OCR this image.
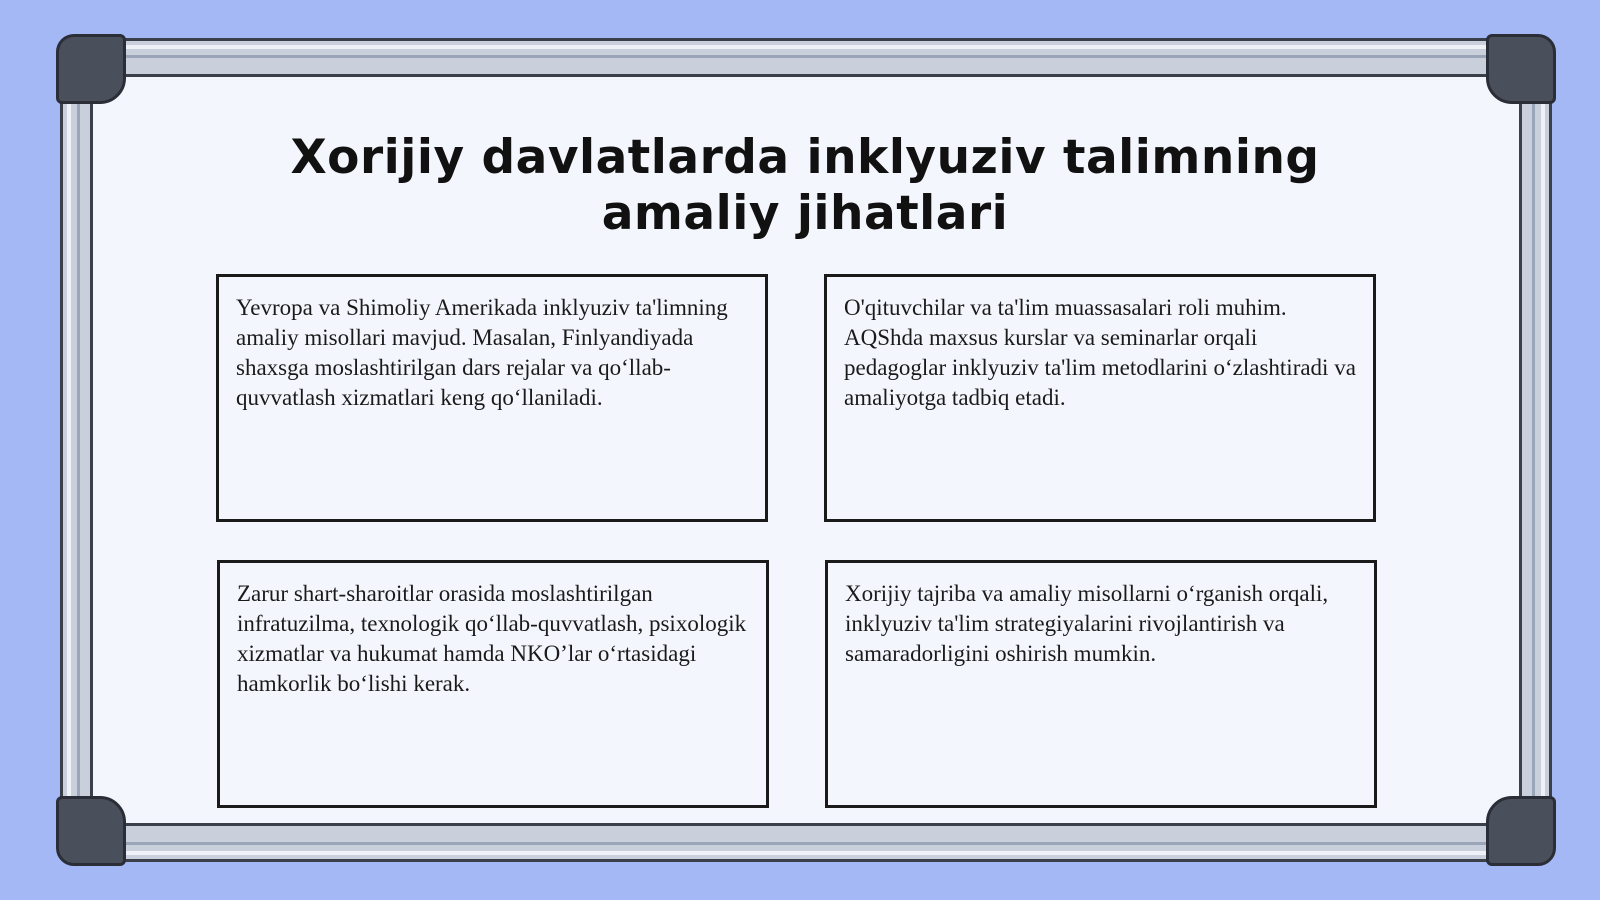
Xorijiy davlatlarda inklyuziv talimning amaliy jihatlari

Yevropa va Shimoliy Amerikada inklyuziv ta'limning amaliy misollari mavjud. Masalan, Finlyandiyada shaxsga moslashtirilgan dars rejalar va qo‘llab-quvvatlash xizmatlari keng qo‘llaniladi.

O'qituvchilar va ta'lim muassasalari roli muhim. AQShda maxsus kurslar va seminarlar orqali pedagoglar inklyuziv ta'lim metodlarini o‘zlashtiradi va amaliyotga tadbiq etadi.

Zarur shart-sharoitlar orasida moslashtirilgan infratuzilma, texnologik qo‘llab-quvvatlash, psixologik xizmatlar va hukumat hamda NKO’lar o‘rtasidagi hamkorlik bo‘lishi kerak.

Xorijiy tajriba va amaliy misollarni o‘rganish orqali, inklyuziv ta'lim strategiyalarini rivojlantirish va samaradorligini oshirish mumkin.
